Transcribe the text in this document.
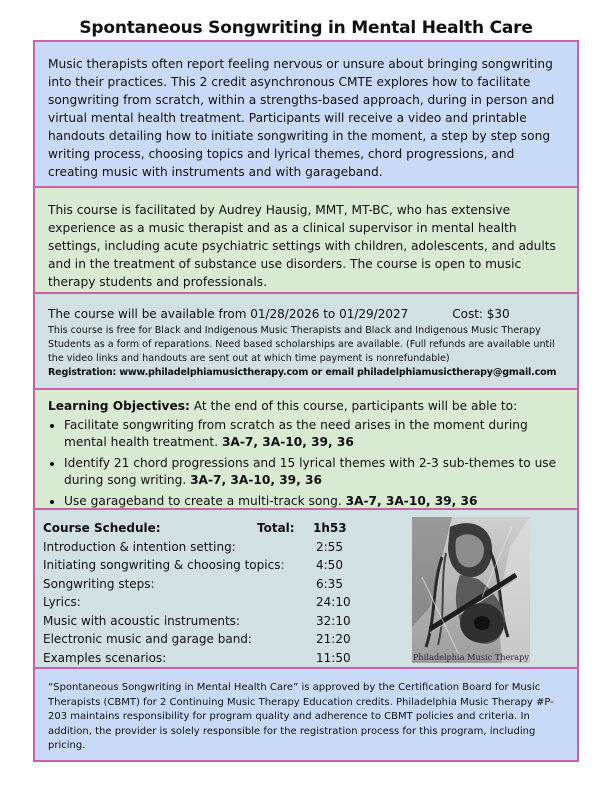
Spontaneous Songwriting in Mental Health Care
Music therapists often report feeling nervous or unsure about bringing songwriting into their practices. This 2 credit asynchronous CMTE explores how to facilitate songwriting from scratch, within a strengths-based approach, during in person and virtual mental health treatment. Participants will receive a video and printable handouts detailing how to initiate songwriting in the moment, a step by step song writing process, choosing topics and lyrical themes, chord progressions, and creating music with instruments and with garageband.
This course is facilitated by Audrey Hausig, MMT, MT-BC, who has extensive experience as a music therapist and as a clinical supervisor in mental health settings, including acute psychiatric settings with children, adolescents, and adults and in the treatment of substance use disorders. The course is open to music therapy students and professionals.
The course will be available from 01/28/2026 to 01/29/2027	Cost: $30
This course is free for Black and Indigenous Music Therapists and Black and Indigenous Music Therapy Students as a form of reparations. Need based scholarships are available. (Full refunds are available until the video links and handouts are sent out at which time payment is nonrefundable)
Registration: www.philadelphiamusictherapy.com or email philadelphiamusictherapy@gmail.com
Learning Objectives: At the end of this course, participants will be able to:
• Facilitate songwriting from scratch as the need arises in the moment during mental health treatment. 3A-7, 3A-10, 39, 36
• Identify 21 chord progressions and 15 lyrical themes with 2-3 sub-themes to use during song writing. 3A-7, 3A-10, 39, 36
• Use garageband to create a multi-track song. 3A-7, 3A-10, 39, 36
Course Schedule:	Total: 1h53
Introduction & intention setting:	2:55
Initiating songwriting & choosing topics:	4:50
Songwriting steps:	6:35
Lyrics:	24:10
Music with acoustic instruments:	32:10
Electronic music and garage band:	21:20
Examples scenarios:	11:50	Philadelphia Music Therapy
“Spontaneous Songwriting in Mental Health Care” is approved by the Certification Board for Music Therapists (CBMT) for 2 Continuing Music Therapy Education credits. Philadelphia Music Therapy #P-203 maintains responsibility for program quality and adherence to CBMT policies and criteria. In addition, the provider is solely responsible for the registration process for this program, including pricing.
